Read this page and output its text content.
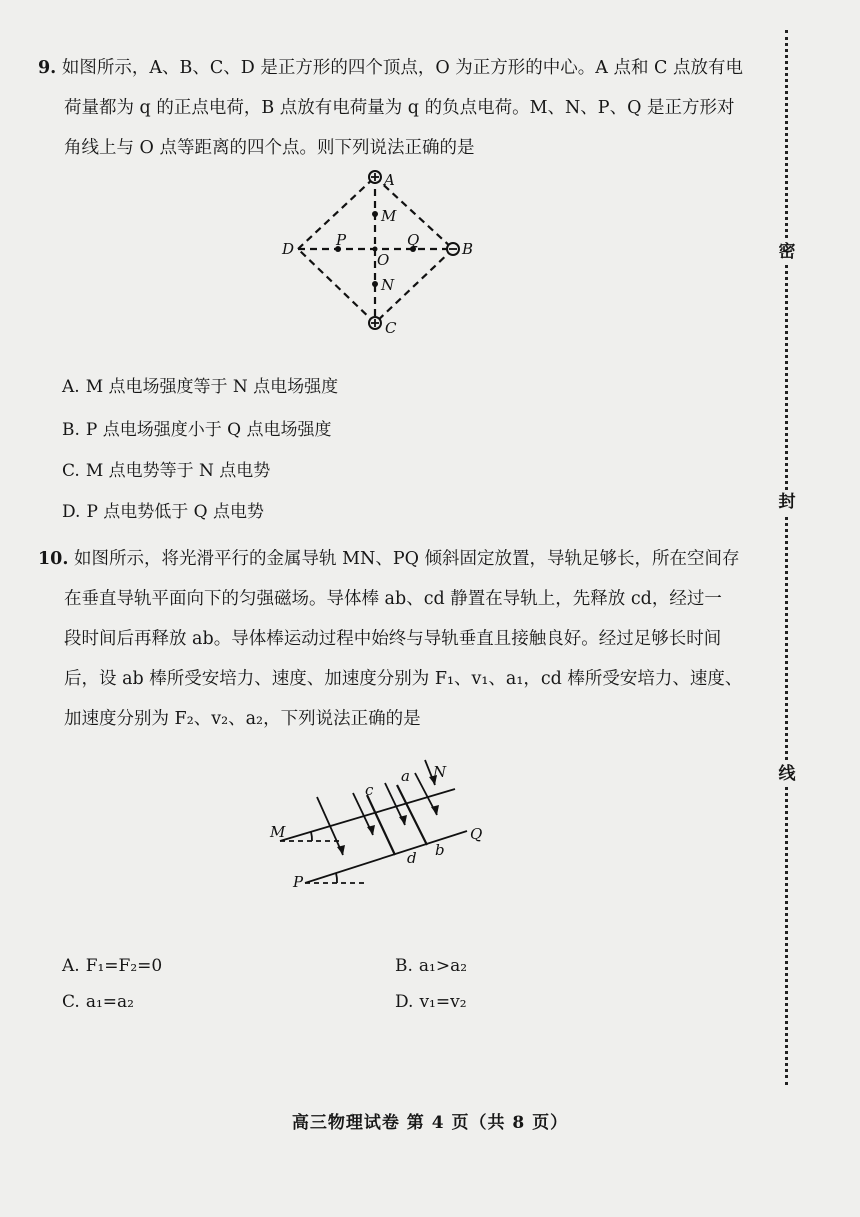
9. 如图所示，A、B、C、D 是正方形的四个顶点，O 为正方形的中心。A 点和 C 点放有电
荷量都为 q 的正点电荷，B 点放有电荷量为 q 的负点电荷。M、N、P、Q 是正方形对
角线上与 O 点等距离的四个点。则下列说法正确的是
A
B
C
D
O
M
N
P	Q
A. M 点电场强度等于 N 点电场强度
B. P 点电场强度小于 Q 点电场强度
C. M 点电势等于 N 点电势
D. P 点电势低于 Q 点电势
10. 如图所示，将光滑平行的金属导轨 MN、PQ 倾斜固定放置，导轨足够长，所在空间存
在垂直导轨平面向下的匀强磁场。导体棒 ab、cd 静置在导轨上，先释放 cd，经过一
段时间后再释放 ab。导体棒运动过程中始终与导轨垂直且接触良好。经过足够长时间
后，设 ab 棒所受安培力、速度、加速度分别为 F₁、v₁、a₁，cd 棒所受安培力、速度、
加速度分别为 F₂、v₂、a₂，下列说法正确的是
M
N
P
Q
a
b
c
d
A. F₁=F₂=0	B. a₁>a₂
C. a₁=a₂	D. v₁=v₂
密
封
线
高三物理试卷 第 4 页（共 8 页）
